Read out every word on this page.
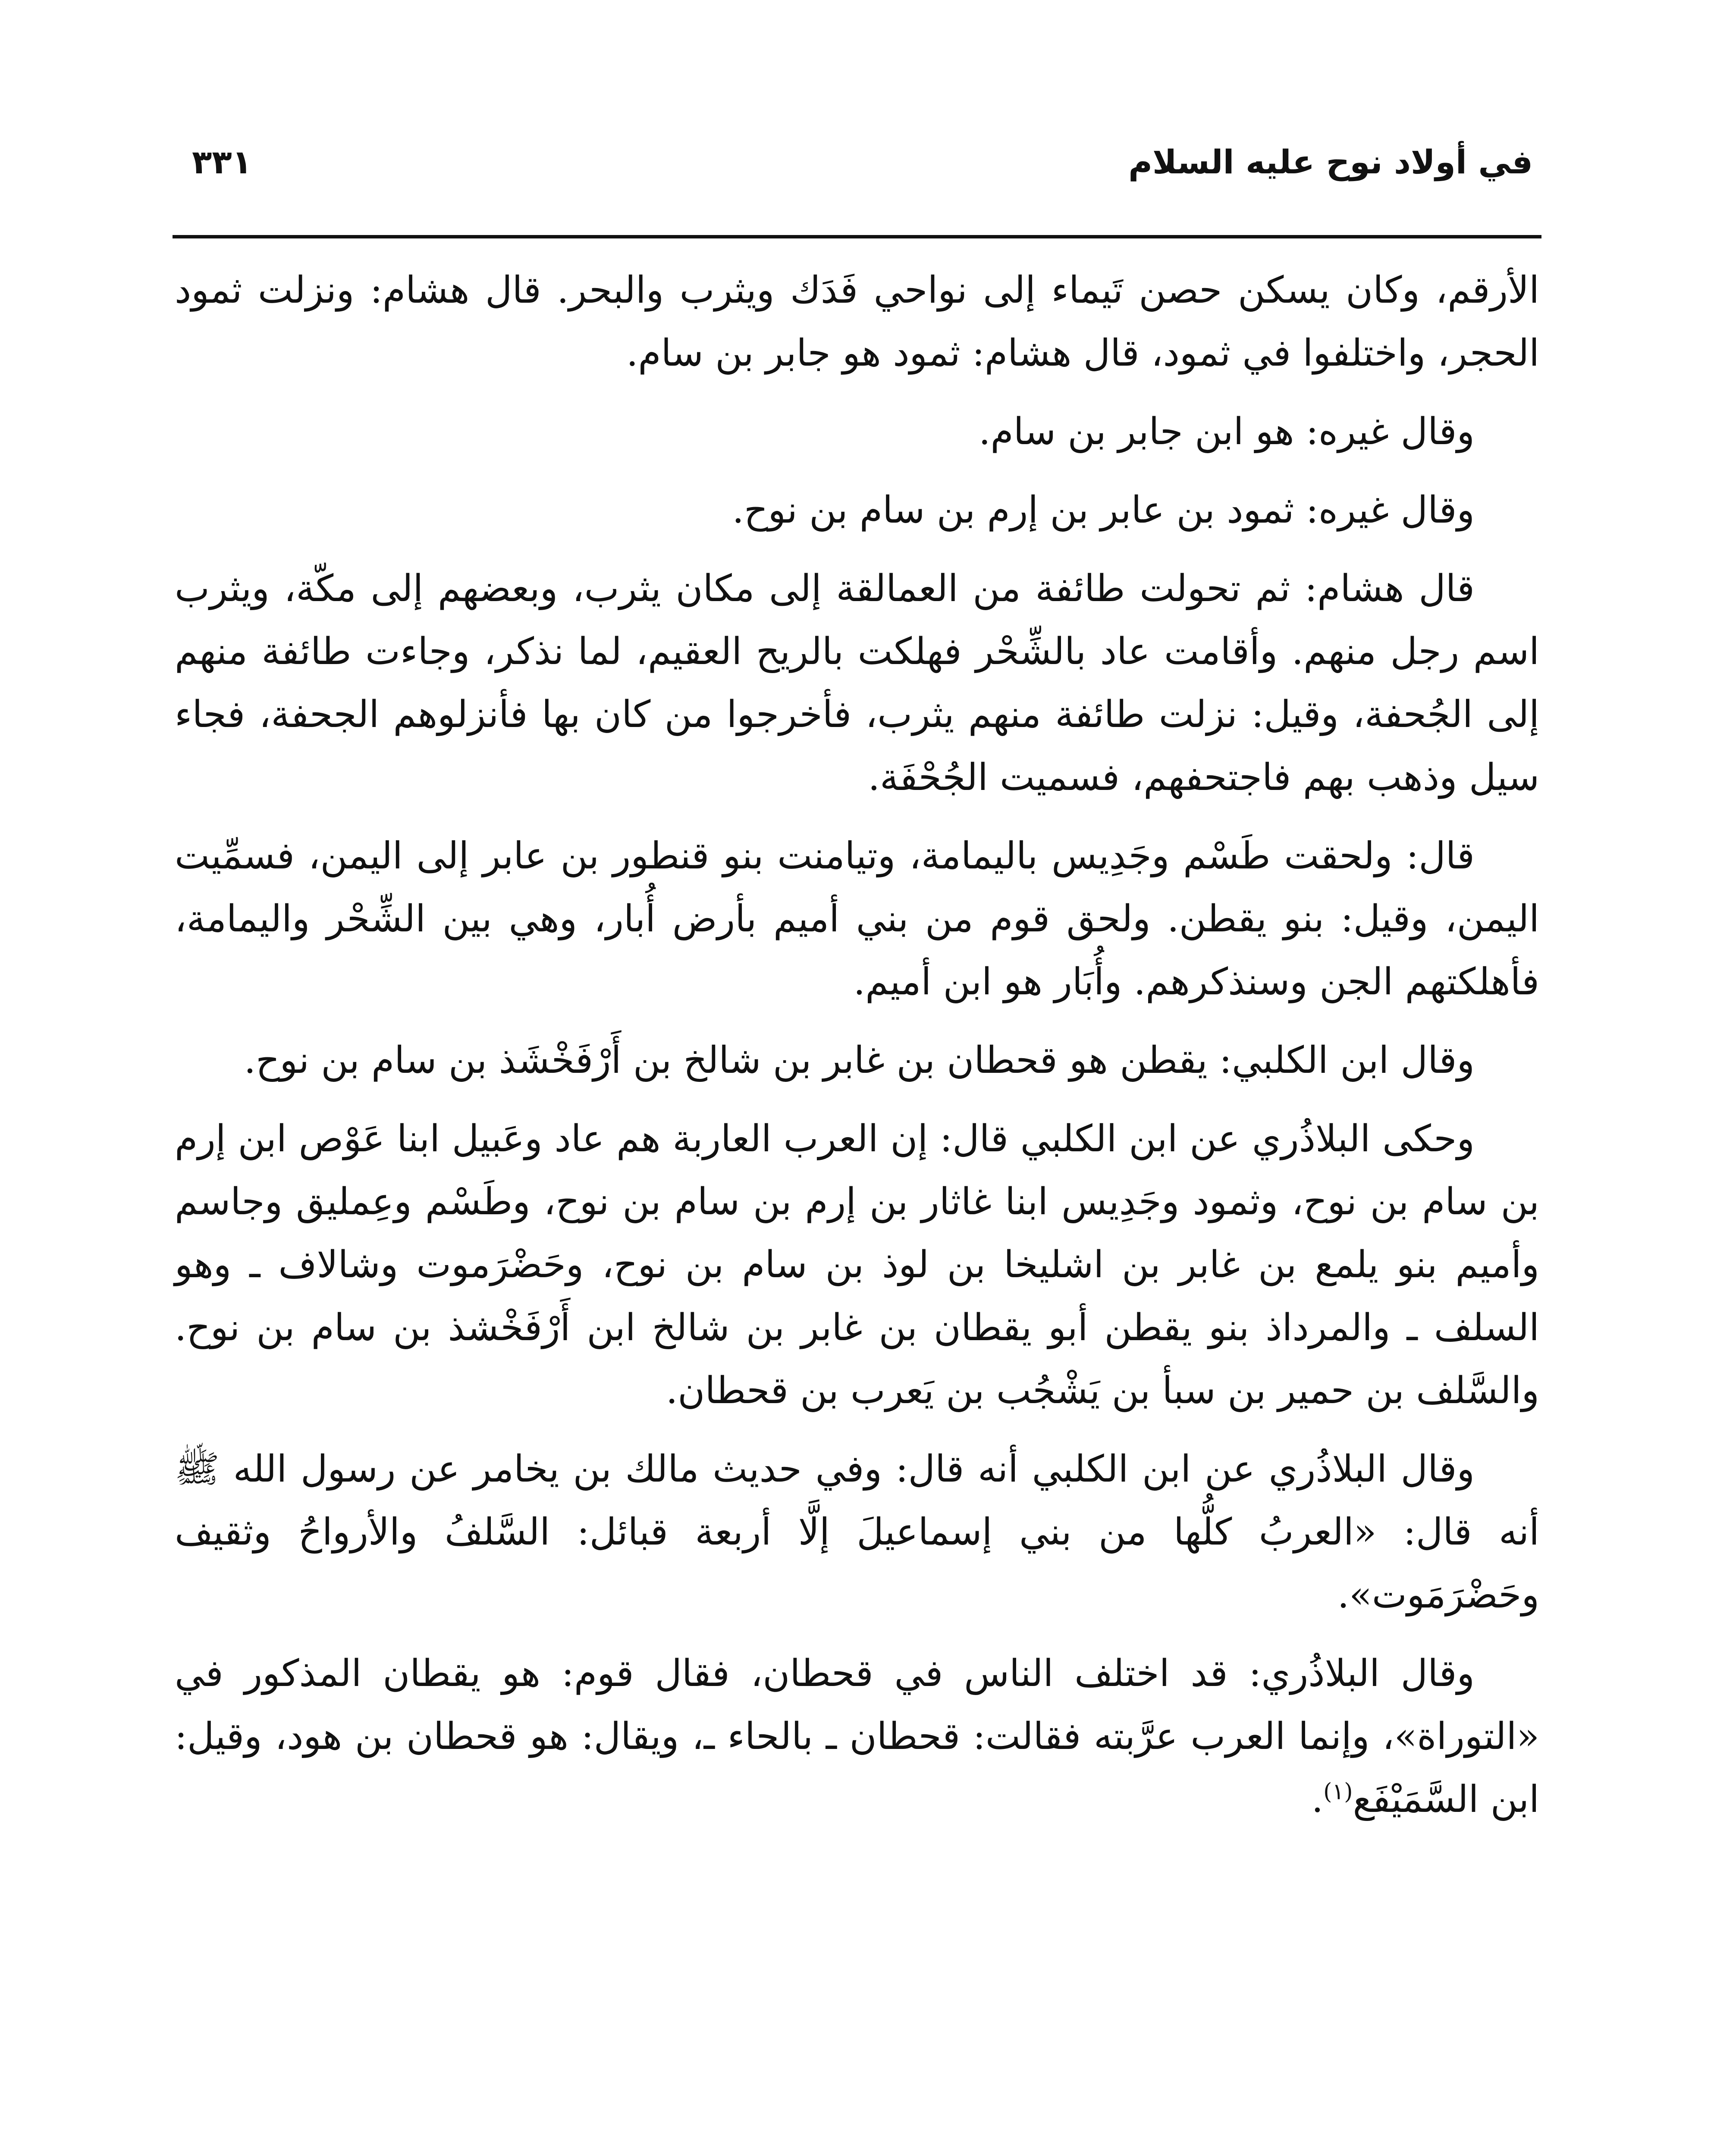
في أولاد نوح عليه السلام
٣٣١

الأرقم، وكان يسكن حصن تَيماء إلى نواحي فَدَك ويثرب والبحر. قال هشام: ونزلت ثمود الحجر، واختلفوا في ثمود، قال هشام: ثمود هو جابر بن سام.

وقال غيره: هو ابن جابر بن سام.

وقال غيره: ثمود بن عابر بن إرم بن سام بن نوح.

قال هشام: ثم تحولت طائفة من العمالقة إلى مكان يثرب، وبعضهم إلى مكّة، ويثرب اسم رجل منهم. وأقامت عاد بالشِّحْر فهلكت بالريح العقيم، لما نذكر، وجاءت طائفة منهم إلى الجُحفة، وقيل: نزلت طائفة منهم يثرب، فأخرجوا من كان بها فأنزلوهم الجحفة، فجاء سيل وذهب بهم فاجتحفهم، فسميت الجُحْفَة.

قال: ولحقت طَسْم وجَدِيس باليمامة، وتيامنت بنو قنطور بن عابر إلى اليمن، فسمِّيت اليمن، وقيل: بنو يقطن. ولحق قوم من بني أميم بأرض أُبار، وهي بين الشِّحْر واليمامة، فأهلكتهم الجن وسنذكرهم. وأُبَار هو ابن أميم.

وقال ابن الكلبي: يقطن هو قحطان بن غابر بن شالخ بن أَرْفَخْشَذ بن سام بن نوح.

وحكى البلاذُري عن ابن الكلبي قال: إن العرب العاربة هم عاد وعَبيل ابنا عَوْص ابن إرم بن سام بن نوح، وثمود وجَدِيس ابنا غاثار بن إرم بن سام بن نوح، وطَسْم وعِمليق وجاسم وأميم بنو يلمع بن غابر بن اشليخا بن لوذ بن سام بن نوح، وحَضْرَموت وشالاف ـ وهو السلف ـ والمرداذ بنو يقطن أبو يقطان بن غابر بن شالخ ابن أَرْفَخْشذ بن سام بن نوح. والسَّلف بن حمير بن سبأ بن يَشْجُب بن يَعرب بن قحطان.

وقال البلاذُري عن ابن الكلبي أنه قال: وفي حديث مالك بن يخامر عن رسول الله ﷺ أنه قال: «العربُ كلُّها من بني إسماعيلَ إلَّا أربعة قبائل: السَّلفُ والأرواحُ وثقيف وحَضْرَمَوت».

وقال البلاذُري: قد اختلف الناس في قحطان، فقال قوم: هو يقطان المذكور في «التوراة»، وإنما العرب عرَّبته فقالت: قحطان ـ بالحاء ـ، ويقال: هو قحطان بن هود، وقيل: ابن السَّمَيْفَع$^{(١)}$.
